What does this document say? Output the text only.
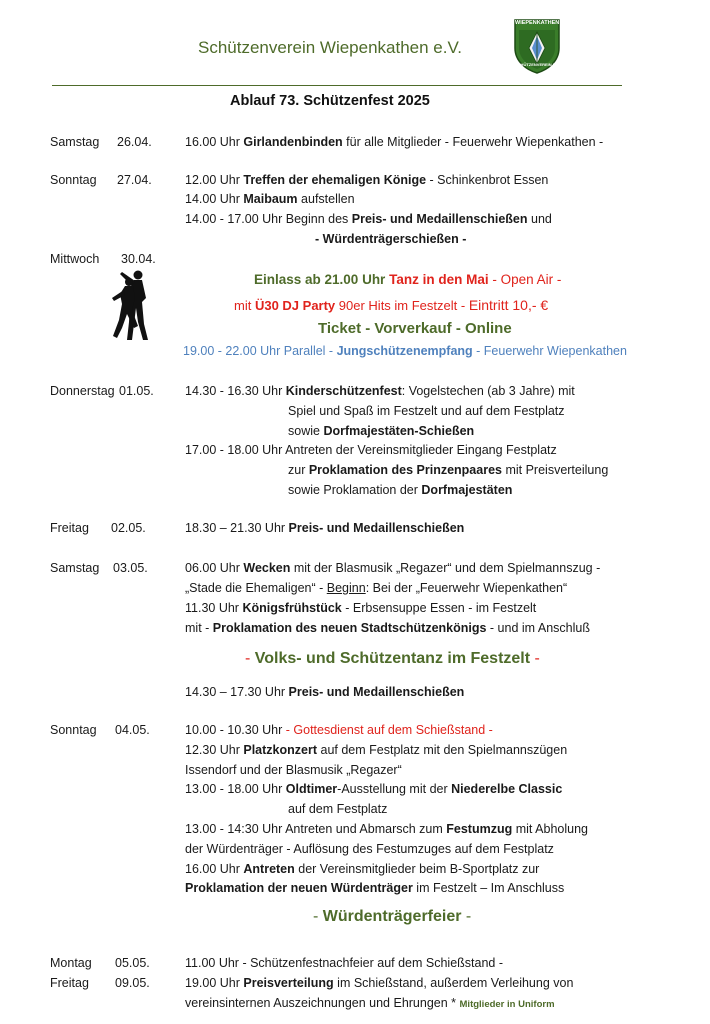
Schützenverein Wiepenkathen e.V.
WIEPENKATHEN
SCHÜTZENVEREIN E.V.
Ablauf 73. Schützenfest 2025
Samstag 26.04.	16.00 Uhr Girlandenbinden für alle Mitglieder - Feuerwehr Wiepenkathen -
Sonntag 27.04.	12.00 Uhr Treffen der ehemaligen Könige - Schinkenbrot Essen
14.00 Uhr Maibaum aufstellen
14.00 - 17.00 Uhr Beginn des Preis- und Medaillenschießen und
- Würdenträgerschießen -
Mittwoch 30.04.
Einlass ab 21.00 Uhr Tanz in den Mai - Open Air -
mit Ü30 DJ Party 90er Hits im Festzelt - Eintritt 10,- €
Ticket - Vorverkauf - Online
19.00 - 22.00 Uhr Parallel - Jungschützenempfang - Feuerwehr Wiepenkathen
Donnerstag 01.05. 14.30 - 16.30 Uhr Kinderschützenfest: Vogelstechen (ab 3 Jahre) mit
Spiel und Spaß im Festzelt und auf dem Festplatz
sowie Dorfmajestäten-Schießen
17.00 - 18.00 Uhr Antreten der Vereinsmitglieder Eingang Festplatz
zur Proklamation des Prinzenpaares mit Preisverteilung
sowie Proklamation der Dorfmajestäten
Freitag 02.05.	18.30 – 21.30 Uhr Preis- und Medaillenschießen
Samstag 03.05.	06.00 Uhr Wecken mit der Blasmusik „Regazer“ und dem Spielmannszug -
„Stade die Ehemaligen“ - Beginn: Bei der „Feuerwehr Wiepenkathen“
11.30 Uhr Königsfrühstück - Erbsensuppe Essen - im Festzelt
mit - Proklamation des neuen Stadtschützenkönigs - und im Anschluß
- Volks- und Schützentanz im Festzelt -
14.30 – 17.30 Uhr Preis- und Medaillenschießen
Sonntag 04.05.	10.00 - 10.30 Uhr - Gottesdienst auf dem Schießstand -
12.30 Uhr Platzkonzert auf dem Festplatz mit den Spielmannszügen
Issendorf und der Blasmusik „Regazer“
13.00 - 18.00 Uhr Oldtimer-Ausstellung mit der Niederelbe Classic
auf dem Festplatz
13.00 - 14:30 Uhr Antreten und Abmarsch zum Festumzug mit Abholung
der Würdenträger - Auflösung des Festumzuges auf dem Festplatz
16.00 Uhr Antreten der Vereinsmitglieder beim B-Sportplatz zur
Proklamation der neuen Würdenträger im Festzelt – Im Anschluss
- Würdenträgerfeier -
Montag 05.05.	11.00 Uhr - Schützenfestnachfeier auf dem Schießstand -
Freitag 09.05.	19.00 Uhr Preisverteilung im Schießstand, außerdem Verleihung von
vereinsinternen Auszeichnungen und Ehrungen * Mitglieder in Uniform
